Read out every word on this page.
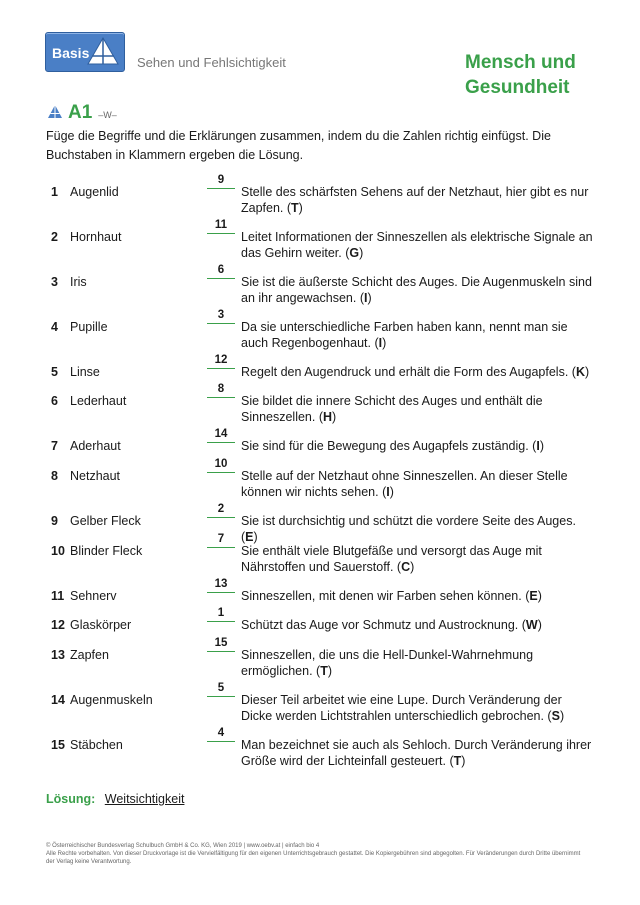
Basis
Sehen und Fehlsichtigkeit	Mensch und
Gesundheit
A1 –W–
Füge die Begriffe und die Erklärungen zusammen, indem du die Zahlen richtig einfügst. Die Buchstaben in Klammern ergeben die Lösung.
1 Augenlid
9
Stelle des schärfsten Sehens auf der Netzhaut, hier gibt es nur Zapfen. (T)
2 Hornhaut
11
Leitet Informationen der Sinneszellen als elektrische Signale an das Gehirn weiter. (G)
3 Iris
6
Sie ist die äußerste Schicht des Auges. Die Augenmuskeln sind an ihr angewachsen. (I)
4 Pupille
3
Da sie unterschiedliche Farben haben kann, nennt man sie auch Regenbogenhaut. (I)
5 Linse
12
Regelt den Augendruck und erhält die Form des Augapfels. (K)
6 Lederhaut
8
Sie bildet die innere Schicht des Auges und enthält die Sinneszellen. (H)
7 Aderhaut
14
Sie sind für die Bewegung des Augapfels zuständig. (I)
8 Netzhaut
10
Stelle auf der Netzhaut ohne Sinneszellen. An dieser Stelle können wir nichts sehen. (I)
9 Gelber Fleck
2
Sie ist durchsichtig und schützt die vordere Seite des Auges. (E)
10 Blinder Fleck
7
Sie enthält viele Blutgefäße und versorgt das Auge mit Nährstoffen und Sauerstoff. (C)
11 Sehnerv
13
Sinneszellen, mit denen wir Farben sehen können. (E)
12 Glaskörper
1
Schützt das Auge vor Schmutz und Austrocknung. (W)
13 Zapfen
15
Sinneszellen, die uns die Hell-Dunkel-Wahrnehmung ermöglichen. (T)
14 Augenmuskeln
5
Dieser Teil arbeitet wie eine Lupe. Durch Veränderung der Dicke werden Lichtstrahlen unterschiedlich gebrochen. (S)
15 Stäbchen
4
Man bezeichnet sie auch als Sehloch. Durch Veränderung ihrer Größe wird der Lichteinfall gesteuert. (T)
Lösung: Weitsichtigkeit
© Österreichischer Bundesverlag Schulbuch GmbH & Co. KG, Wien 2019 | www.oebv.at | einfach bio 4
Alle Rechte vorbehalten. Von dieser Druckvorlage ist die Vervielfältigung für den eigenen Unterrichtsgebrauch gestattet. Die Kopiergebühren sind abgegolten. Für Veränderungen durch Dritte übernimmt der Verlag keine Verantwortung.
